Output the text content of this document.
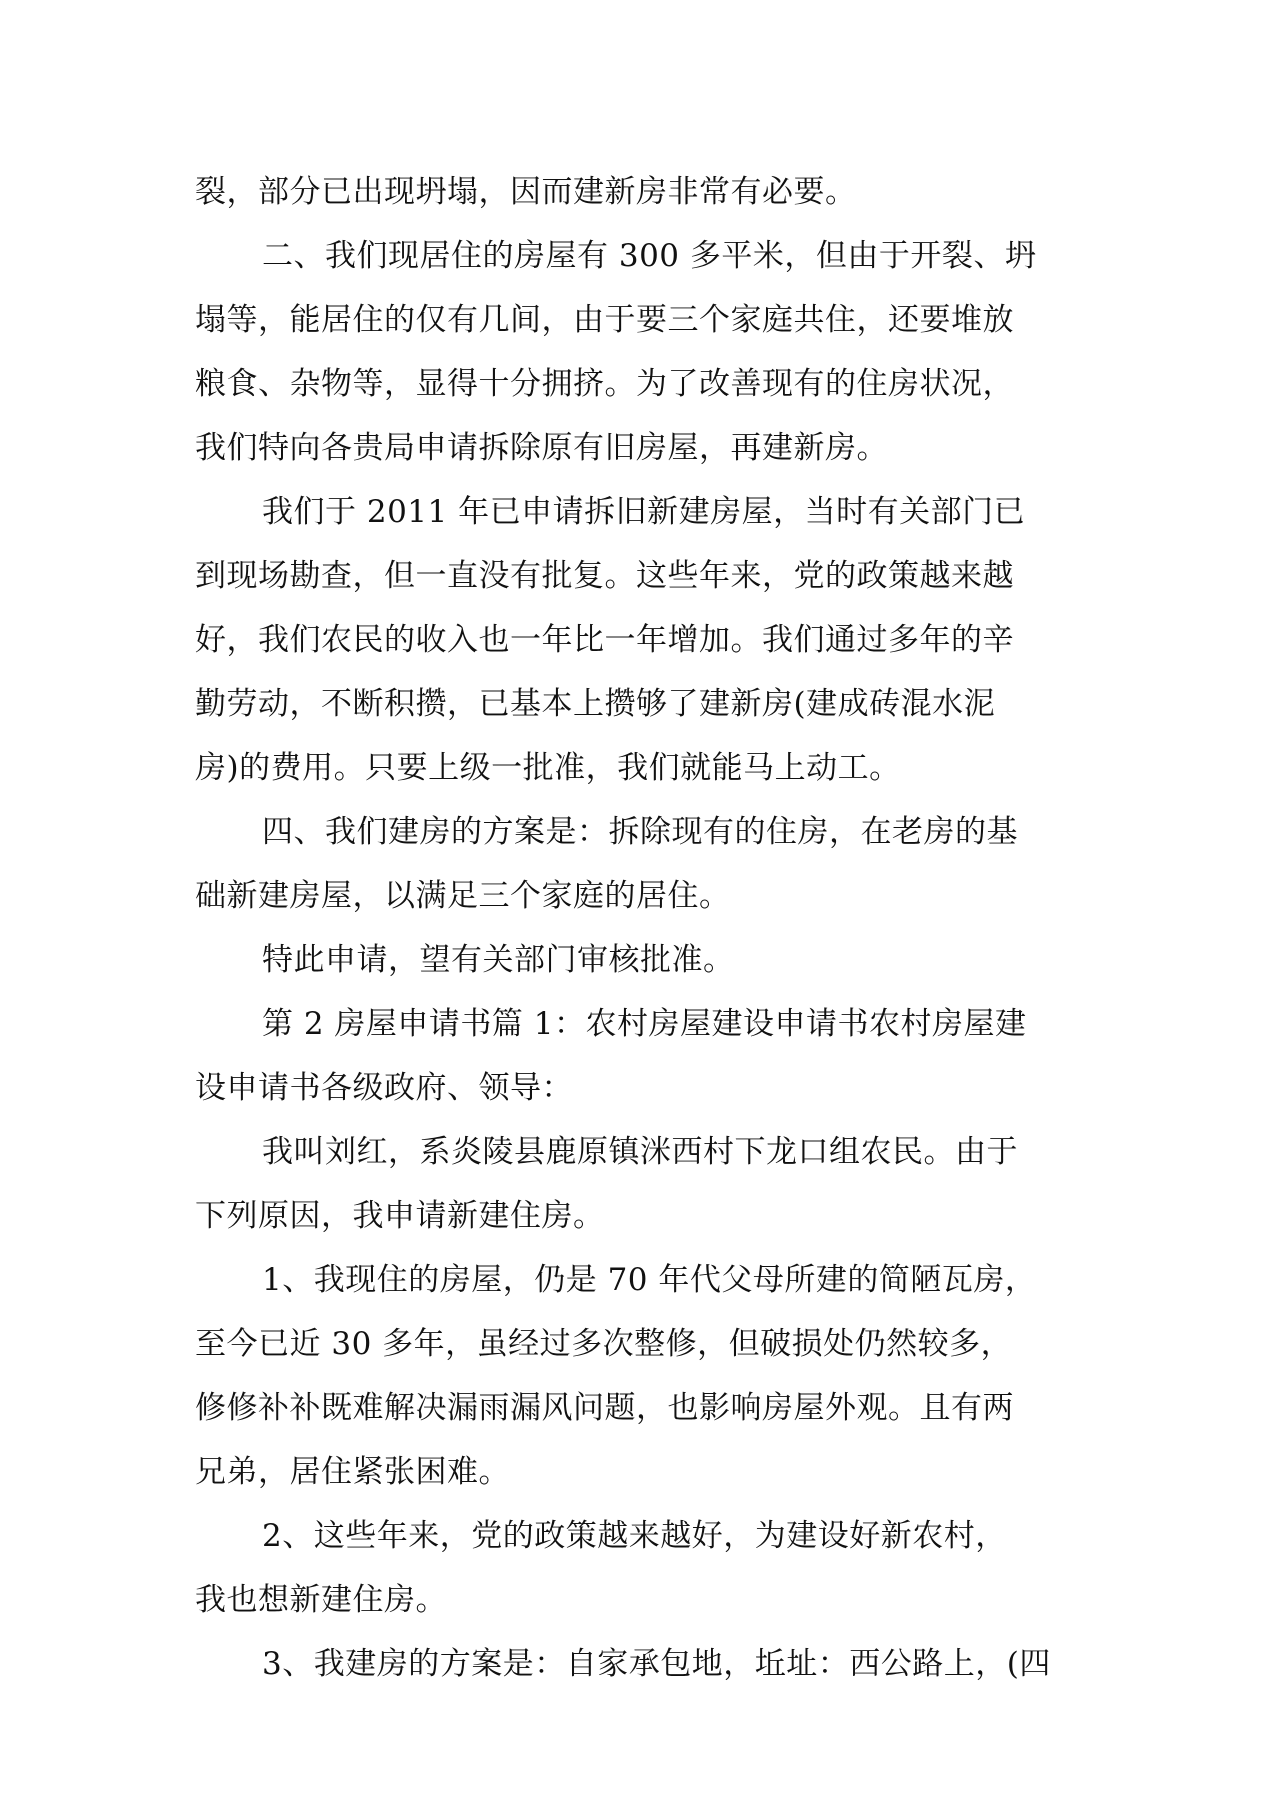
裂，部分已出现坍塌，因而建新房非常有必要。
二、我们现居住的房屋有 300 多平米，但由于开裂、坍
塌等，能居住的仅有几间，由于要三个家庭共住，还要堆放
粮食、杂物等，显得十分拥挤。为了改善现有的住房状况，
我们特向各贵局申请拆除原有旧房屋，再建新房。
我们于 2011 年已申请拆旧新建房屋，当时有关部门已
到现场勘查，但一直没有批复。这些年来，党的政策越来越
好，我们农民的收入也一年比一年增加。我们通过多年的辛
勤劳动，不断积攒，已基本上攒够了建新房(建成砖混水泥
房)的费用。只要上级一批准，我们就能马上动工。
四、我们建房的方案是：拆除现有的住房，在老房的基
础新建房屋，以满足三个家庭的居住。
特此申请，望有关部门审核批准。
第 2 房屋申请书篇 1：农村房屋建设申请书农村房屋建
设申请书各级政府、领导：
我叫刘红，系炎陵县鹿原镇洣西村下龙口组农民。由于
下列原因，我申请新建住房。
1、我现住的房屋，仍是 70 年代父母所建的简陋瓦房，
至今已近 30 多年，虽经过多次整修，但破损处仍然较多，
修修补补既难解决漏雨漏风问题，也影响房屋外观。且有两
兄弟，居住紧张困难。
2、这些年来，党的政策越来越好，为建设好新农村，
我也想新建住房。
3、我建房的方案是：自家承包地，坵址：西公路上，(四
